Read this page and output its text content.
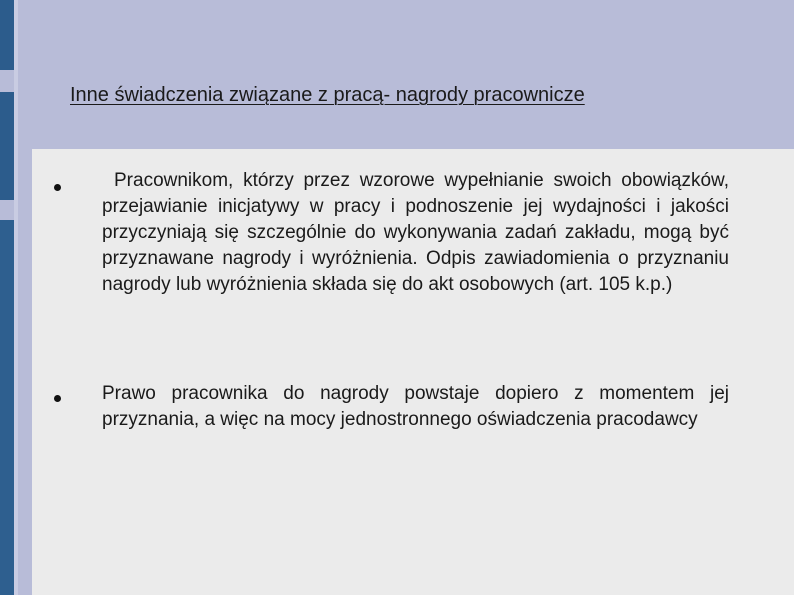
Inne świadczenia związane z pracą- nagrody pracownicze
Pracownikom, którzy przez wzorowe wypełnianie swoich obowiązków, przejawianie inicjatywy w pracy i podnoszenie jej wydajności i jakości przyczyniają się szczególnie do wykonywania zadań zakładu, mogą być przyznawane nagrody i wyróżnienia. Odpis zawiadomienia o przyznaniu nagrody lub wyróżnienia składa się do akt osobowych (art. 105 k.p.)
Prawo pracownika do nagrody powstaje dopiero z momentem jej przyznania, a więc na mocy jednostronnego oświadczenia pracodawcy
